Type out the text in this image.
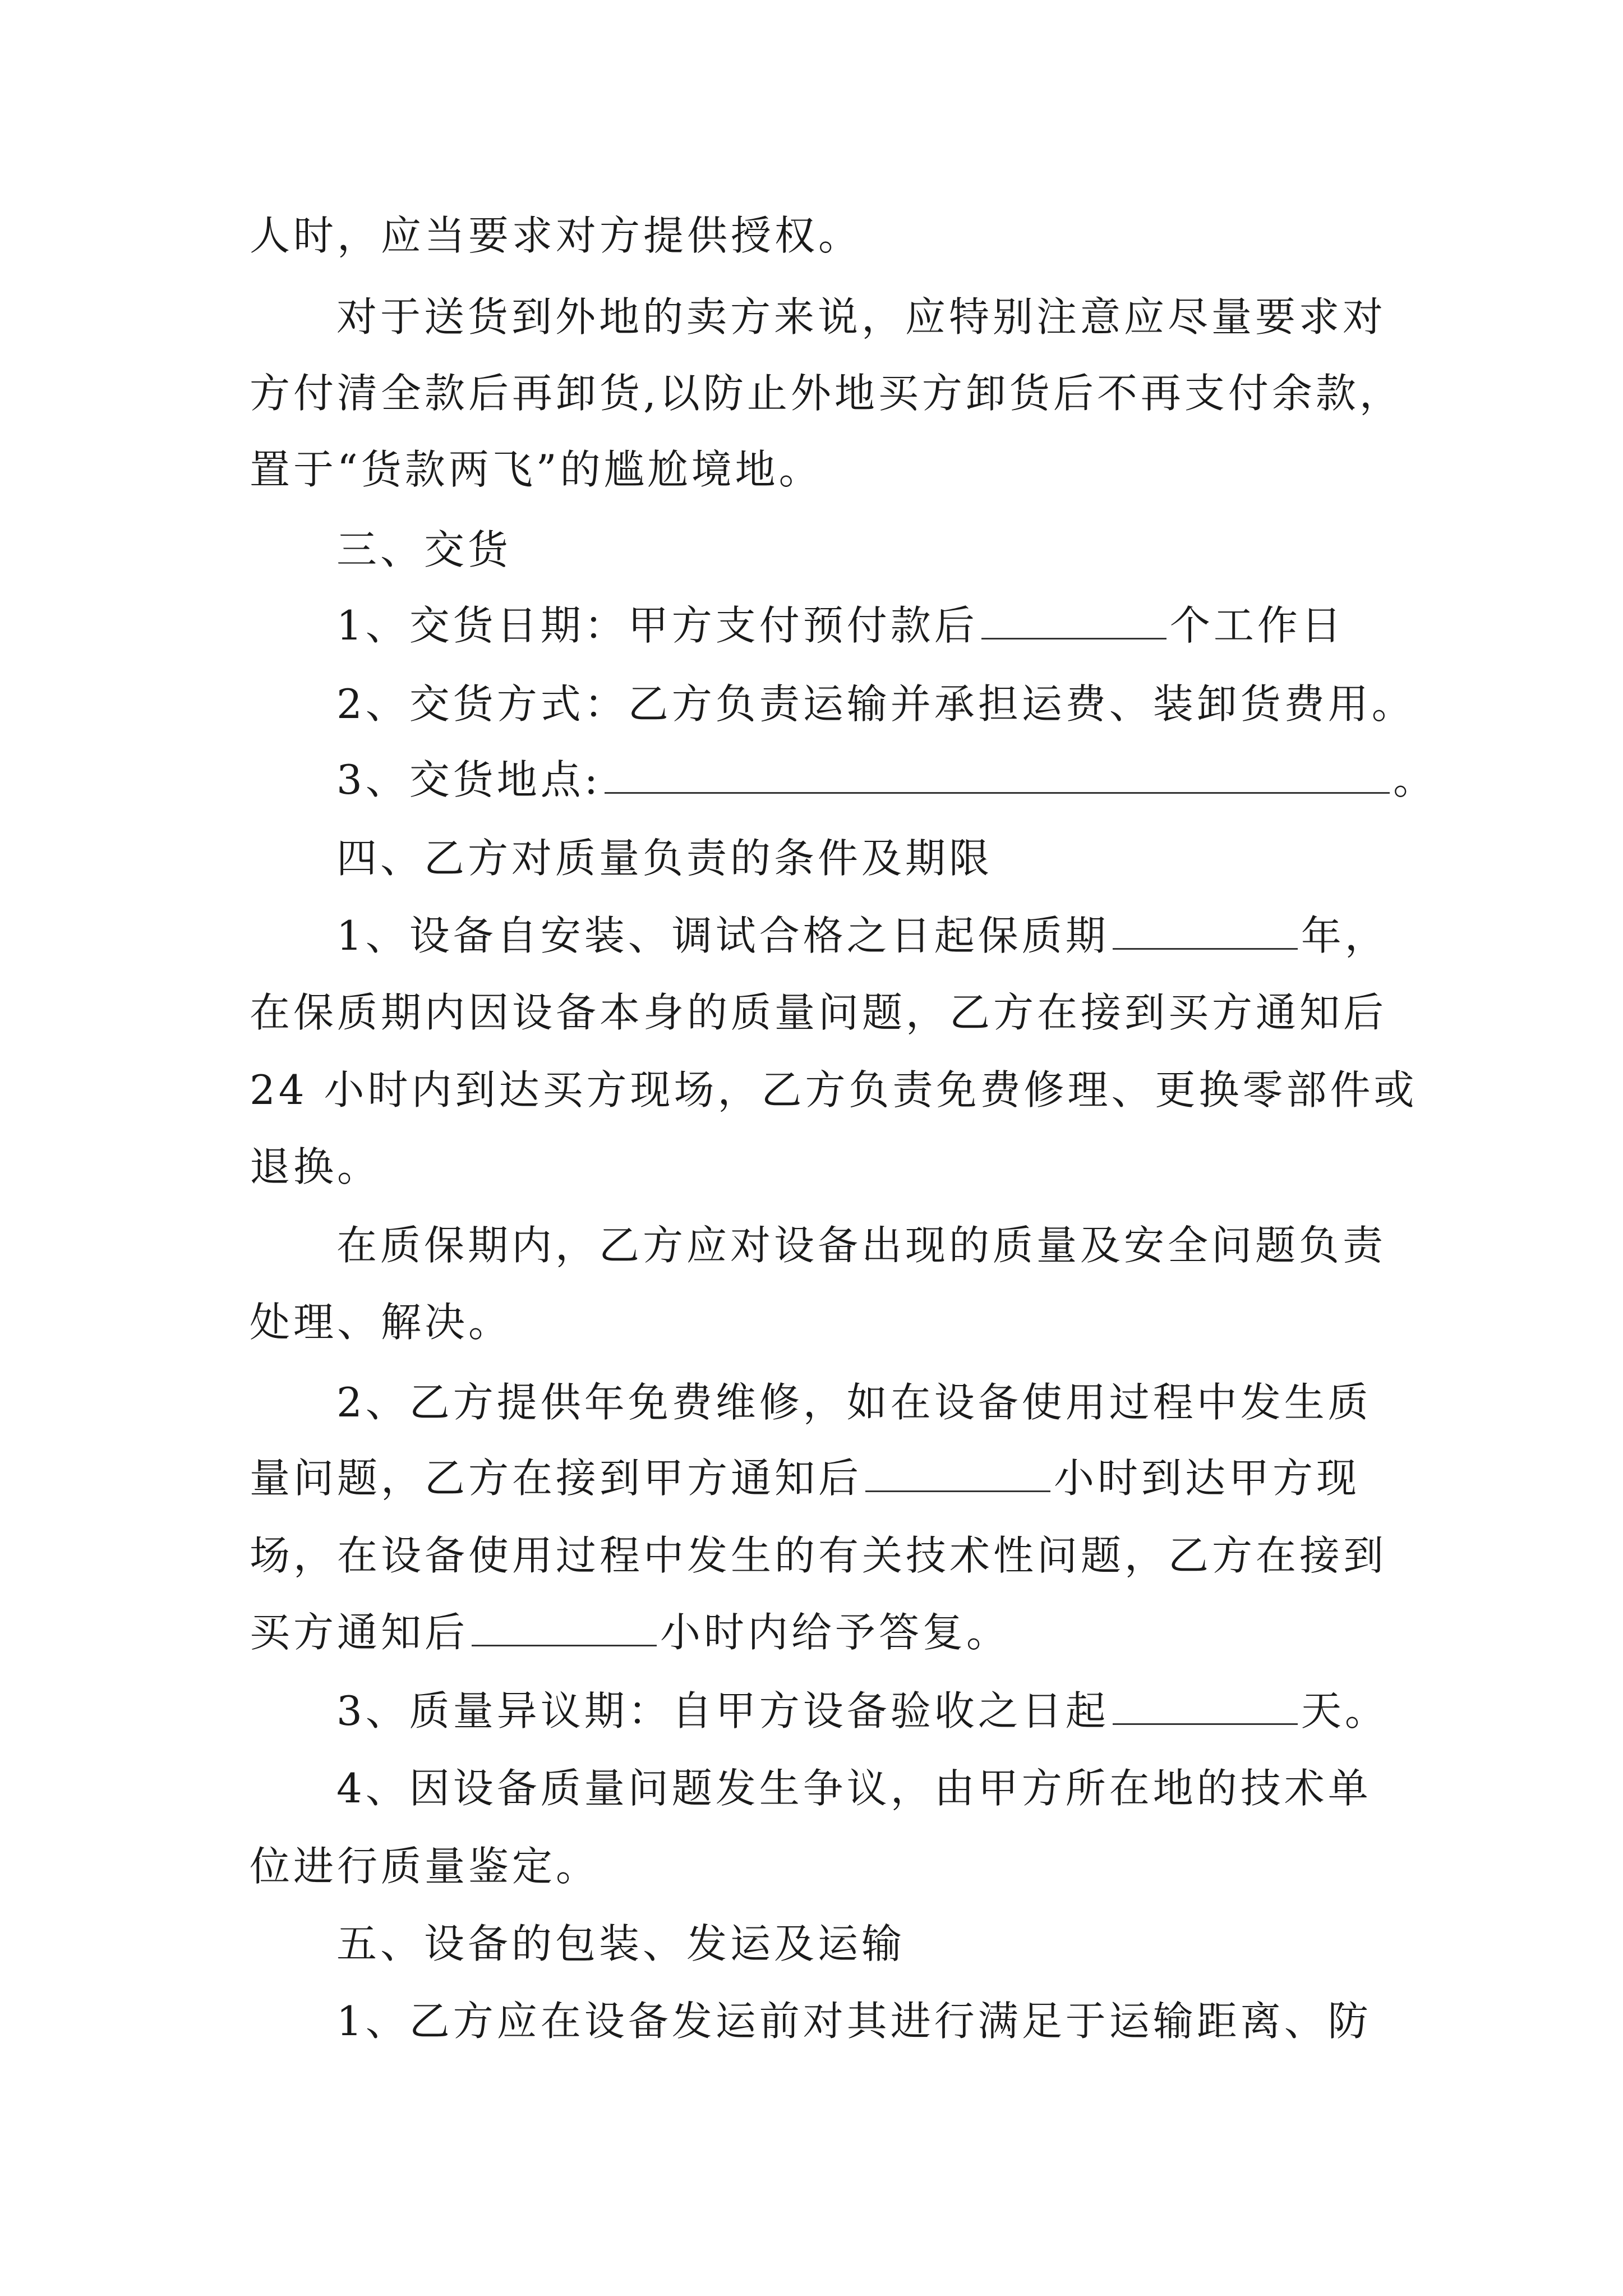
人时，应当要求对方提供授权。
对于送货到外地的卖方来说，应特别注意应尽量要求对
方付清全款后再卸货,以防止外地买方卸货后不再支付余款，
置于“货款两飞”的尴尬境地。
三、交货
1、交货日期：甲方支付预付款后	个工作日
2、交货方式：乙方负责运输并承担运费、装卸货费用。
3、交货地点:	。
四、乙方对质量负责的条件及期限
1、设备自安装、调试合格之日起保质期	年，
在保质期内因设备本身的质量问题，乙方在接到买方通知后
24 小时内到达买方现场，乙方负责免费修理、更换零部件或
退换。
在质保期内，乙方应对设备出现的质量及安全问题负责
处理、解决。
2、乙方提供年免费维修，如在设备使用过程中发生质
量问题，乙方在接到甲方通知后	小时到达甲方现
场，在设备使用过程中发生的有关技术性问题，乙方在接到
买方通知后	小时内给予答复。
3、质量异议期：自甲方设备验收之日起	天。
4、因设备质量问题发生争议，由甲方所在地的技术单
位进行质量鉴定。
五、设备的包装、发运及运输
1、乙方应在设备发运前对其进行满足于运输距离、防
